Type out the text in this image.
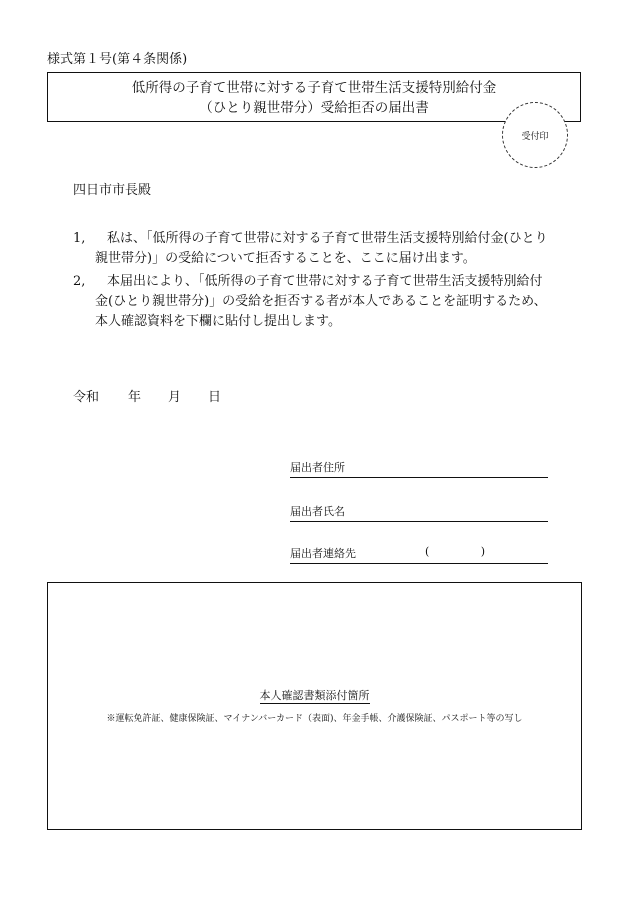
様式第１号(第４条関係)
低所得の子育て世帯に対する子育て世帯生活支援特別給付金
（ひとり親世帯分）受給拒否の届出書
受付印
四日市市長殿
1,	私は、「低所得の子育て世帯に対する子育て世帯生活支援特別給付金(ひとり親世帯分)」の受給について拒否することを、ここに届け出ます。
2,	本届出により、「低所得の子育て世帯に対する子育て世帯生活支援特別給付金(ひとり親世帯分)」の受給を拒否する者が本人であることを証明するため、本人確認資料を下欄に貼付し提出します。
令和 年 月 日
届出者住所
届出者氏名
届出者連絡先	(	)
本人確認書類添付箇所
※運転免許証、健康保険証、マイナンバーカード（表面)、年金手帳、介護保険証、パスポート等の写し
